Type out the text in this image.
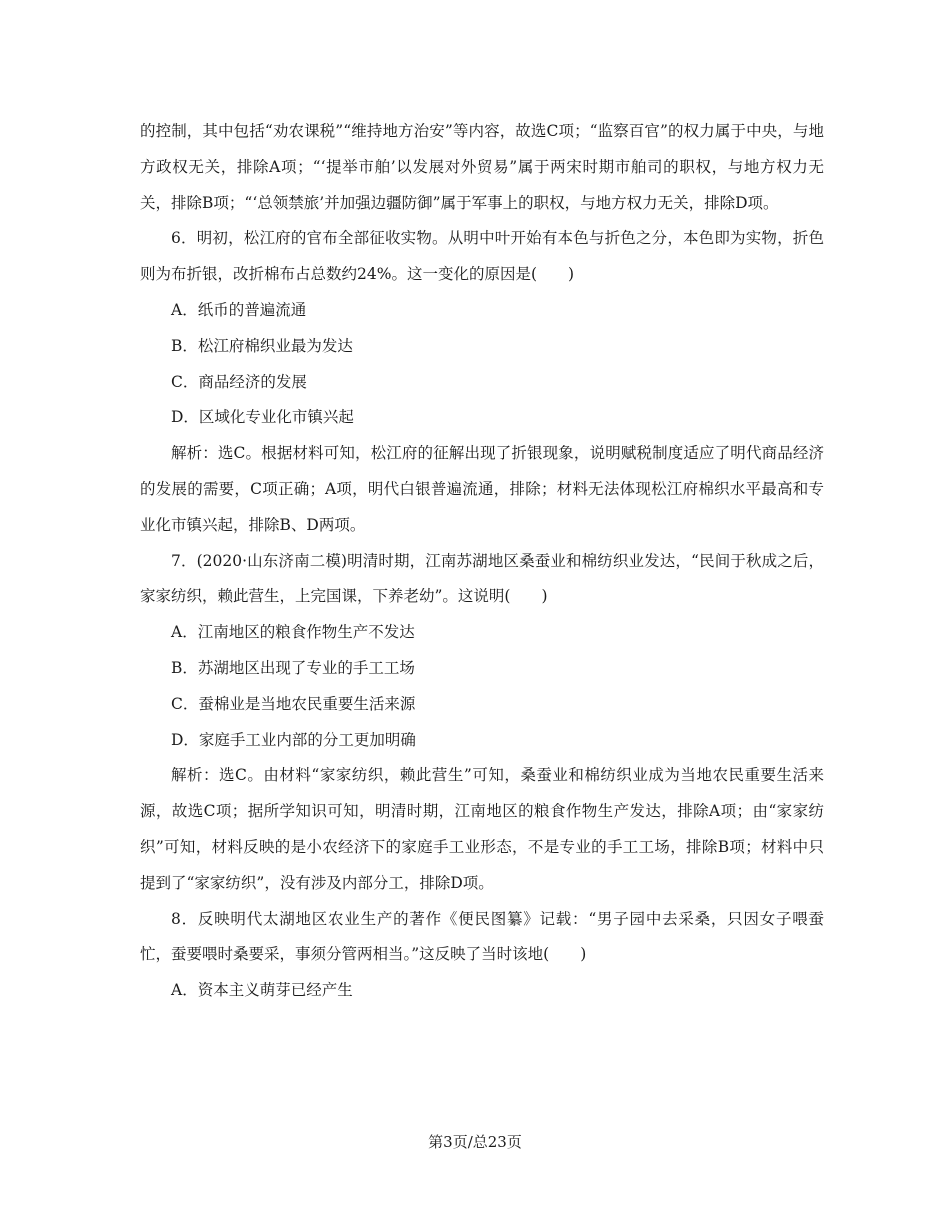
的控制，其中包括“劝农课税”“维持地方治安”等内容，故选C项；“监察百官”的权力属于中央，与地方政权无关，排除A项；“‘提举市舶’以发展对外贸易”属于两宋时期市舶司的职权，与地方权力无关，排除B项；“‘总领禁旅’并加强边疆防御”属于军事上的职权，与地方权力无关，排除D项。

6．明初，松江府的官布全部征收实物。从明中叶开始有本色与折色之分，本色即为实物，折色则为布折银，改折棉布占总数约24%。这一变化的原因是(　　)

A．纸币的普遍流通

B．松江府棉织业最为发达

C．商品经济的发展

D．区域化专业化市镇兴起

解析：选C。根据材料可知，松江府的征解出现了折银现象，说明赋税制度适应了明代商品经济的发展的需要，C项正确；A项，明代白银普遍流通，排除；材料无法体现松江府棉织水平最高和专业化市镇兴起，排除B、D两项。

7．(2020·山东济南二模)明清时期，江南苏湖地区桑蚕业和棉纺织业发达，“民间于秋成之后，家家纺织，赖此营生，上完国课，下养老幼”。这说明(　　)

A．江南地区的粮食作物生产不发达

B．苏湖地区出现了专业的手工工场

C．蚕棉业是当地农民重要生活来源

D．家庭手工业内部的分工更加明确

解析：选C。由材料“家家纺织，赖此营生”可知，桑蚕业和棉纺织业成为当地农民重要生活来源，故选C项；据所学知识可知，明清时期，江南地区的粮食作物生产发达，排除A项；由“家家纺织”可知，材料反映的是小农经济下的家庭手工业形态，不是专业的手工工场，排除B项；材料中只提到了“家家纺织”，没有涉及内部分工，排除D项。

8．反映明代太湖地区农业生产的著作《便民图纂》记载：“男子园中去采桑，只因女子喂蚕忙，蚕要喂时桑要采，事须分管两相当。”这反映了当时该地(　　)

A．资本主义萌芽已经产生

第3页/总23页
